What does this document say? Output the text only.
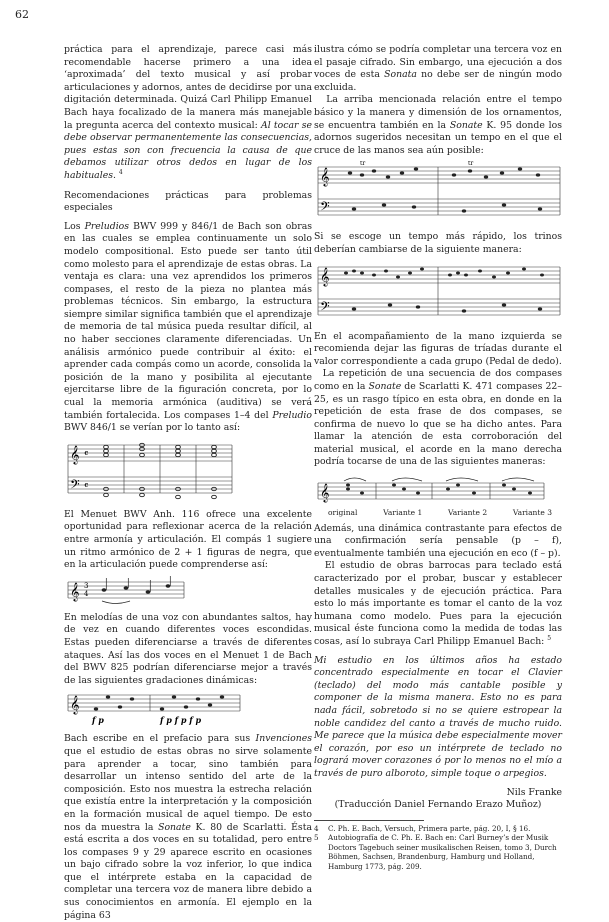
62

práctica para el aprendizaje, parece casi más recomendable hacerse primero a una idea ‘aproximada’ del texto musical y así probar articulaciones y adornos, antes de decidirse por una digitación determinada. Quizá Carl Philipp Emanuel Bach haya focalizado de la manera más manejable la pregunta acerca del contexto musical: Al tocar se debe observar permanentemente las consecuencias, pues estas son con frecuencia la causa de que debamos utilizar otros dedos en lugar de los habituales. $^4$

Recomendaciones prácticas para problemas especiales

Los Preludios BWV 999 y 846/1 de Bach son obras en las cuales se emplea continuamente un solo modelo compositional. Esto puede ser tanto útil como molesto para el aprendizaje de estas obras. La ventaja es clara: una vez aprendidos los primeros compases, el resto de la pieza no plantea más problemas técnicos. Sin embargo, la estructura siempre similar significa también que el aprendizaje de memoria de tal música pueda resultar difícil, al no haber secciones claramente diferenciadas. Un análisis armónico puede contribuir al éxito: el aprender cada compás como un acorde, consolida la posición de la mano y posibilita al ejecutante ejercitarse libre de la figuración concreta, por lo cual la memoria armónica (auditiva) se verá también fortalecida. Los compases 1–4 del Preludio BWV 846/1 se verían por lo tanto así:

𝄞
𝄢
𝄴
𝄴

El Menuet BWV Anh. 116 ofrece una excelente oportunidad para reflexionar acerca de la relación entre armonía y articulación. El compás 1 sugiere un ritmo armónico de 2 + 1 figuras de negra, que en la articulación puede comprenderse así:

𝄞 3
4

En melodías de una voz con abundantes saltos, hay de vez en cuando diferentes voces escondidas. Estas pueden diferenciarse a través de diferentes ataques. Así las dos voces en el Menuet 1 de Bach del BWV 825 podrían diferenciarse mejor a través de las siguientes gradaciones dinámicas:

𝄞
f p	f p f p f p

Bach escribe en el prefacio para sus Invenciones que el estudio de estas obras no sirve solamente para aprender a tocar, sino también para desarrollar un intenso sentido del arte de la composición. Esto nos muestra la estrecha relación que existía entre la interpretación y la composición en la formación musical de aquel tiempo. De esto nos da muestra la Sonate K. 80 de Scarlatti. Ésta está escrita a dos voces en su totalidad, pero entre los compases 9 y 29 aparece escrito en ocasiones un bajo cifrado sobre la voz inferior, lo que indica que el intérprete estaba en la capacidad de completar una tercera voz de manera libre debido a sus conocimientos en armonía. El ejemplo en la página 63

ilustra cómo se podría completar una tercera voz en el pasaje cifrado. Sin embargo, una ejecución a dos voces de esta Sonata no debe ser de ningún modo excluida.

La arriba mencionada relación entre el tempo básico y la manera y dimensión de los ornamentos, se encuentra también en la Sonate K. 95 donde los adornos sugeridos necesitan un tempo en el que el cruce de las manos sea aún posible:

𝄞
𝄢
tr	tr

Si se escoge un tempo más rápido, los trinos deberían cambiarse de la siguiente manera:

𝄞
𝄢

En el acompañamiento de la mano izquierda se recomienda dejar las figuras de tríadas durante el valor correspondiente a cada grupo (Pedal de dedo).

La repetición de una secuencia de dos compases como en la Sonate de Scarlatti K. 471 compases 22–25, es un rasgo típico en esta obra, en donde en la repetición de esta frase de dos compases, se confirma de nuevo lo que se ha dicho antes. Para llamar la atención de esta corroboración del material musical, el acorde en la mano derecha podría tocarse de una de las siguientes maneras:

𝄞
original	Variante 1	Variante 2	Variante 3

Además, una dinámica contrastante para efectos de una confirmación sería pensable (p – f), eventualmente también una ejecución en eco (f – p).

El estudio de obras barrocas para teclado está caracterizado por el probar, buscar y establecer detalles musicales y de ejecución práctica. Para esto lo más importante es tomar el canto de la voz humana como modelo. Pues para la ejecución musical éste funciona como la medida de todas las cosas, así lo subraya Carl Philipp Emanuel Bach: $^5$

Mi estudio en los últimos años ha estado concentrado especialmente en tocar el Clavier (teclado) del modo más cantable posible y componer de la misma manera. Esto no es para nada fácil, sobretodo si no se quiere estropear la noble candidez del canto a través de mucho ruido. Me parece que la música debe especialmente mover el corazón, por eso un intérprete de teclado no logrará mover corazones ó por lo menos no el mío a través de puro alboroto, simple toque o arpegios.

Nils Franke

(Traducción Daniel Fernando Erazo Muñoz)

4	C. Ph. E. Bach, Versuch, Primera parte, pág. 20, I, § 16.
5	Autobiografía de C. Ph. E. Bach en: Carl Burney’s der Musik Doctors Tagebuch seiner musikalischen Reisen, tomo 3, Durch Böhmen, Sachsen, Brandenburg, Hamburg und Holland, Hamburg 1773, pág. 209.
